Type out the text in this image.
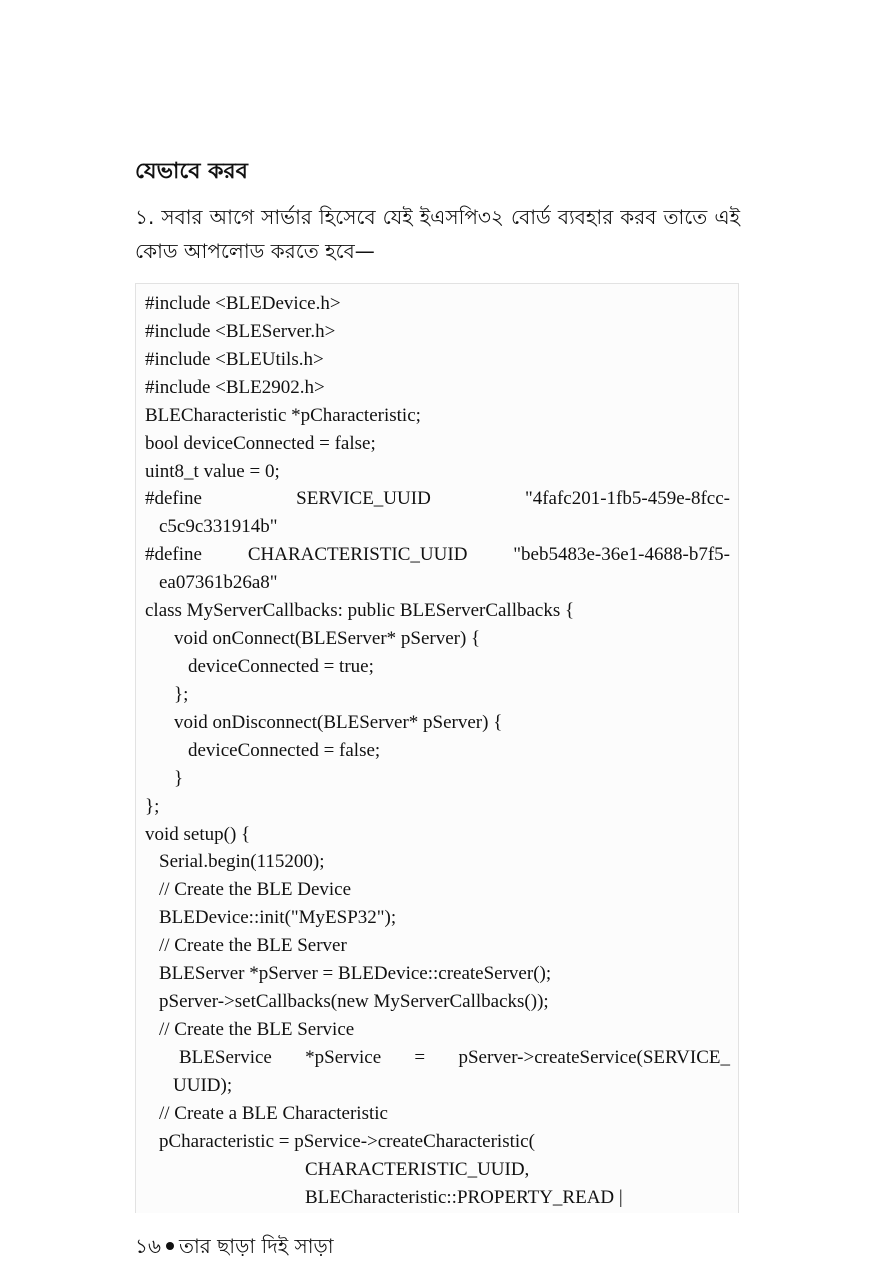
যেভাবে করব

১. সবার আগে সার্ভার হিসেবে যেই ইএসপি৩২ বোর্ড ব্যবহার করব তাতে এই কোড আপলোড করতে হবে—

#include <BLEDevice.h>
#include <BLEServer.h>
#include <BLEUtils.h>
#include <BLE2902.h>
BLECharacteristic *pCharacteristic;
bool deviceConnected = false;
uint8_t value = 0;
#define SERVICE_UUID "4fafc201-1fb5-459e-8fcc-
c5c9c331914b"
#define CHARACTERISTIC_UUID "beb5483e-36e1-4688-b7f5-
ea07361b26a8"
class MyServerCallbacks: public BLEServerCallbacks {
void onConnect(BLEServer* pServer) {
deviceConnected = true;
};
void onDisconnect(BLEServer* pServer) {
deviceConnected = false;
}
};
void setup() {
Serial.begin(115200);
// Create the BLE Device
BLEDevice::init("MyESP32");
// Create the BLE Server
BLEServer *pServer = BLEDevice::createServer();
pServer->setCallbacks(new MyServerCallbacks());
// Create the BLE Service
BLEService *pService = pServer->createService(SERVICE_
UUID);
// Create a BLE Characteristic
pCharacteristic = pService->createCharacteristic(
CHARACTERISTIC_UUID,
BLECharacteristic::PROPERTY_READ |
১৬ তার ছাড়া দিই সাড়া
